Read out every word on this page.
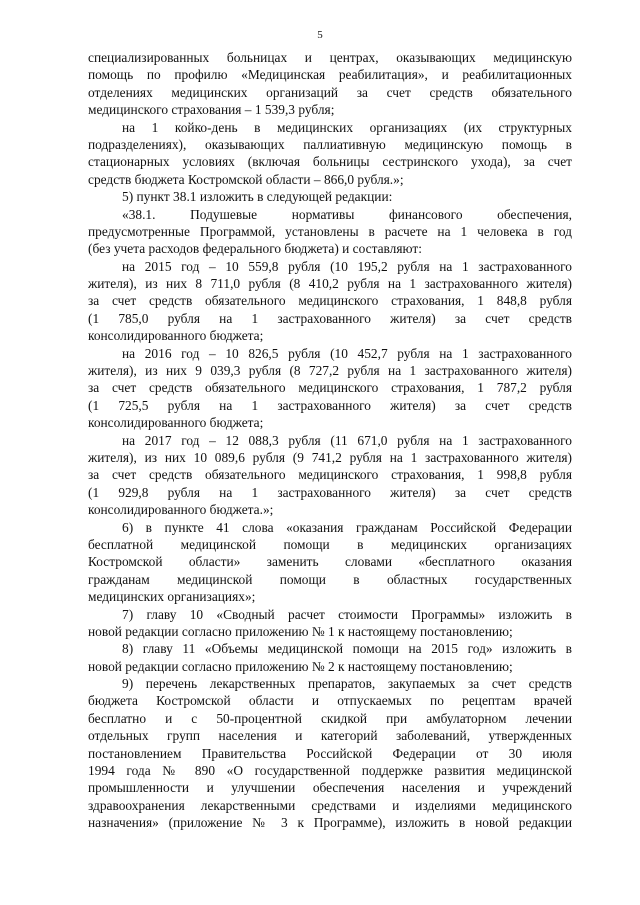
5
специализированных больницах и центрах, оказывающих медицинскую
помощь по профилю «Медицинская реабилитация», и реабилитационных
отделениях медицинских организаций за счет средств обязательного
медицинского страхования – 1 539,3 рубля;
на 1 койко-день в медицинских организациях (их структурных
подразделениях), оказывающих паллиативную медицинскую помощь в
стационарных условиях (включая больницы сестринского ухода), за счет
средств бюджета Костромской области – 866,0 рубля.»;
5) пункт 38.1 изложить в следующей редакции:
«38.1. Подушевые нормативы финансового обеспечения,
предусмотренные Программой, установлены в расчете на 1 человека в год
(без учета расходов федерального бюджета) и составляют:
на 2015 год – 10 559,8 рубля (10 195,2 рубля на 1 застрахованного
жителя), из них 8 711,0 рубля (8 410,2 рубля на 1 застрахованного жителя)
за счет средств обязательного медицинского страхования, 1 848,8 рубля
(1 785,0 рубля на 1 застрахованного жителя) за счет средств
консолидированного бюджета;
на 2016 год – 10 826,5 рубля (10 452,7 рубля на 1 застрахованного
жителя), из них 9 039,3 рубля (8 727,2 рубля на 1 застрахованного жителя)
за счет средств обязательного медицинского страхования, 1 787,2 рубля
(1 725,5 рубля на 1 застрахованного жителя) за счет средств
консолидированного бюджета;
на 2017 год – 12 088,3 рубля (11 671,0 рубля на 1 застрахованного
жителя), из них 10 089,6 рубля (9 741,2 рубля на 1 застрахованного жителя)
за счет средств обязательного медицинского страхования, 1 998,8 рубля
(1 929,8 рубля на 1 застрахованного жителя) за счет средств
консолидированного бюджета.»;
6) в пункте 41 слова «оказания гражданам Российской Федерации
бесплатной медицинской помощи в медицинских организациях
Костромской области» заменить словами «бесплатного оказания
гражданам медицинской помощи в областных государственных
медицинских организациях»;
7) главу 10 «Сводный расчет стоимости Программы» изложить в
новой редакции согласно приложению № 1 к настоящему постановлению;
8) главу 11 «Объемы медицинской помощи на 2015 год» изложить в
новой редакции согласно приложению № 2 к настоящему постановлению;
9) перечень лекарственных препаратов, закупаемых за счет средств
бюджета Костромской области и отпускаемых по рецептам врачей
бесплатно и с 50-процентной скидкой при амбулаторном лечении
отдельных групп населения и категорий заболеваний, утвержденных
постановлением Правительства Российской Федерации от 30 июля
1994 года № 890 «О государственной поддержке развития медицинской
промышленности и улучшении обеспечения населения и учреждений
здравоохранения лекарственными средствами и изделиями медицинского
назначения» (приложение № 3 к Программе), изложить в новой редакции
